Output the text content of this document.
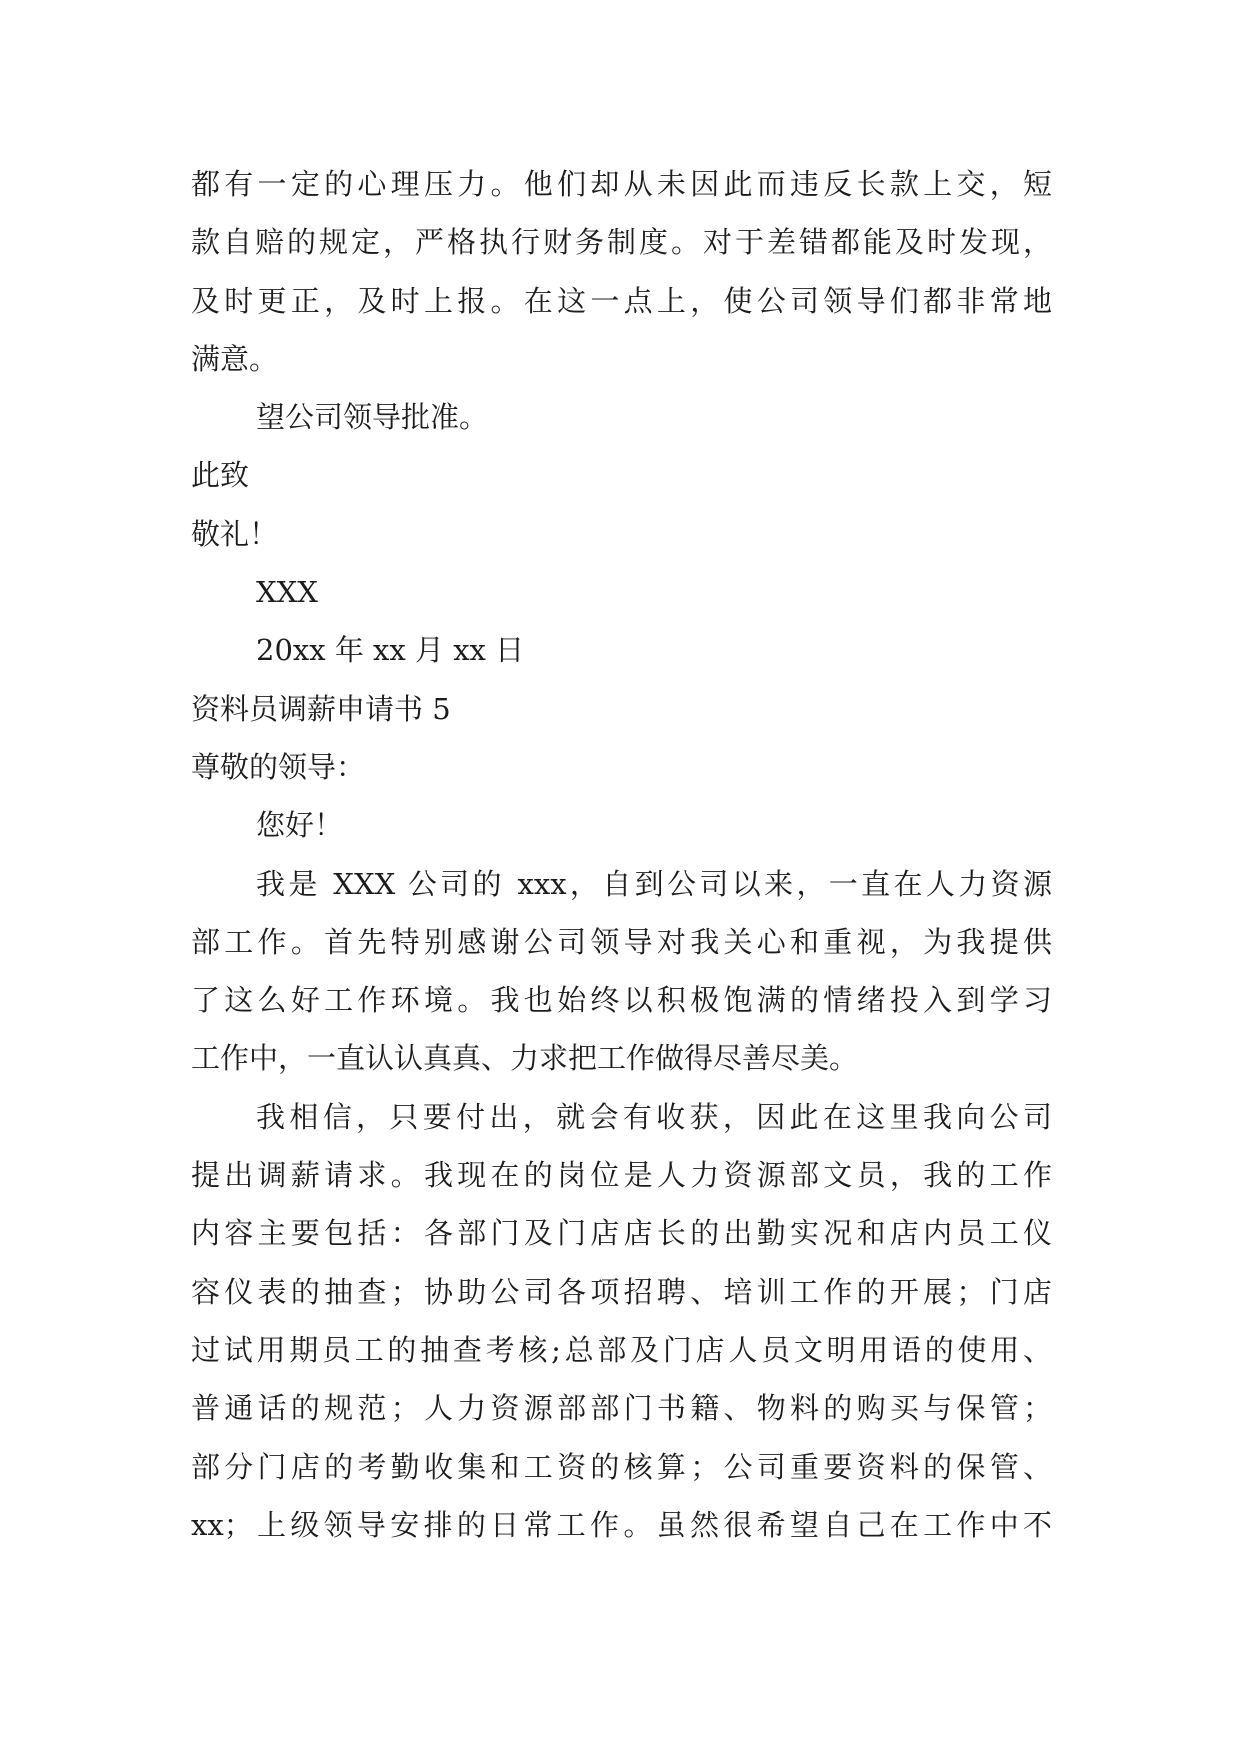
都有一定的心理压力。他们却从未因此而违反长款上交，短
款自赔的规定，严格执行财务制度。对于差错都能及时发现，
及时更正，及时上报。在这一点上，使公司领导们都非常地
满意。
望公司领导批准。
此致
敬礼！
XXX
20xx 年 xx 月 xx 日
资料员调薪申请书 5
尊敬的领导：
您好！
我是 XXX 公司的 xxx，自到公司以来，一直在人力资源
部工作。首先特别感谢公司领导对我关心和重视，为我提供
了这么好工作环境。我也始终以积极饱满的情绪投入到学习
工作中，一直认认真真、力求把工作做得尽善尽美。
我相信，只要付出，就会有收获，因此在这里我向公司
提出调薪请求。我现在的岗位是人力资源部文员，我的工作
内容主要包括：各部门及门店店长的出勤实况和店内员工仪
容仪表的抽查；协助公司各项招聘、培训工作的开展；门店
过试用期员工的抽查考核;总部及门店人员文明用语的使用、
普通话的规范；人力资源部部门书籍、物料的购买与保管；
部分门店的考勤收集和工资的核算；公司重要资料的保管、
xx；上级领导安排的日常工作。虽然很希望自己在工作中不
